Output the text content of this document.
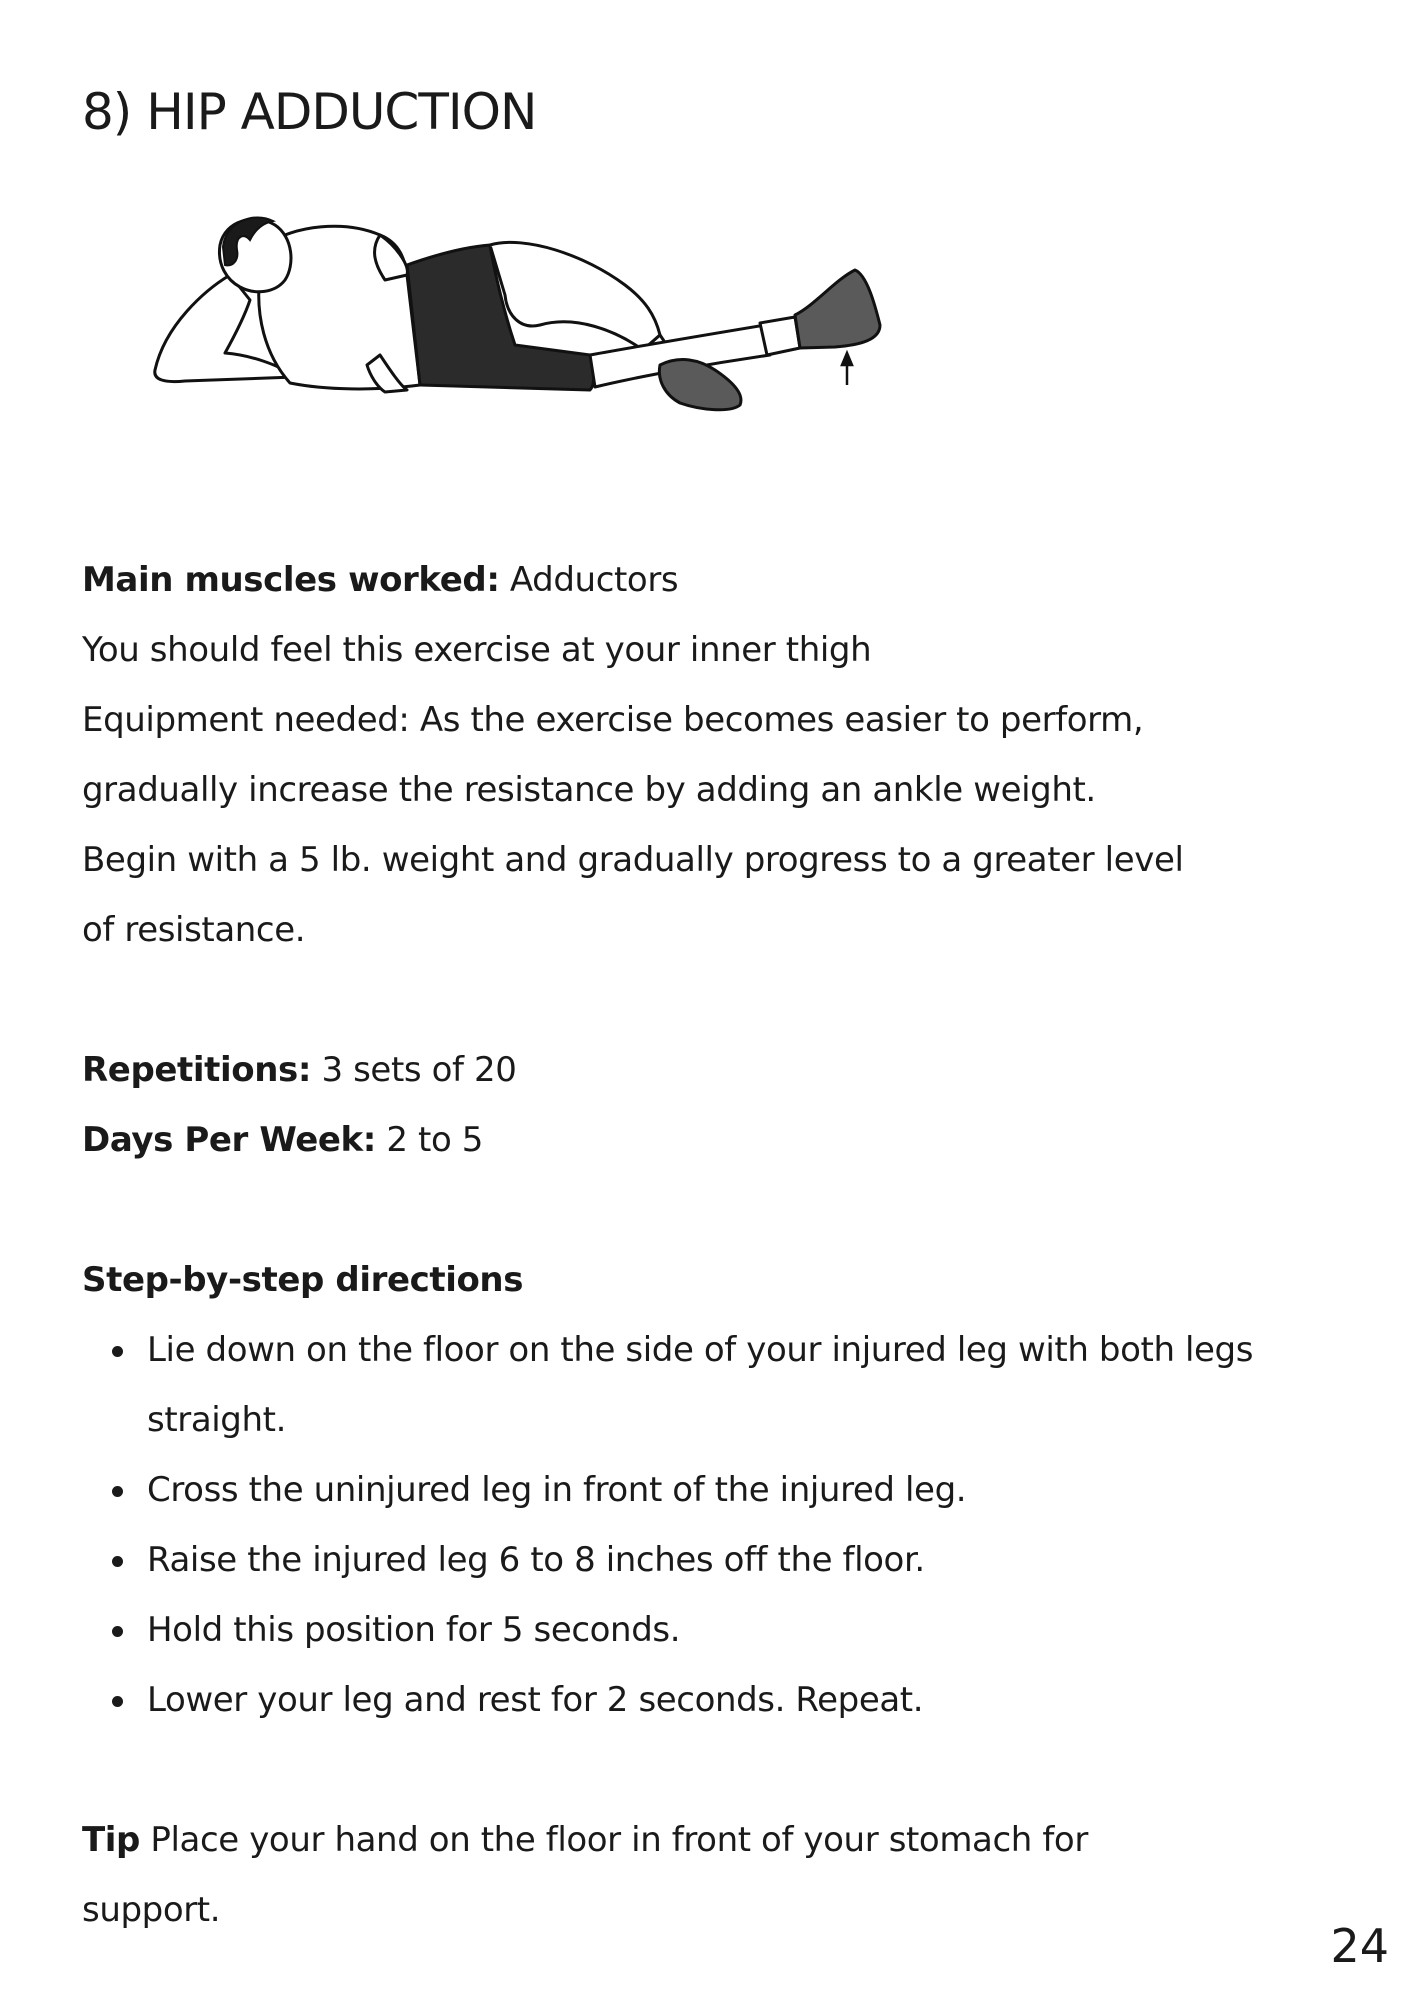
8) HIP ADDUCTION

Main muscles worked: Adductors

You should feel this exercise at your inner thigh

Equipment needed: As the exercise becomes easier to perform,

gradually increase the resistance by adding an ankle weight.

Begin with a 5 lb. weight and gradually progress to a greater level

of resistance.

Repetitions: 3 sets of 20

Days Per Week: 2 to 5

Step-by-step directions

Lie down on the floor on the side of your injured leg with both legs straight.
Cross the uninjured leg in front of the injured leg.
Raise the injured leg 6 to 8 inches off the floor.
Hold this position for 5 seconds.
Lower your leg and rest for 2 seconds. Repeat.

Tip Place your hand on the floor in front of your stomach for

support.

24
